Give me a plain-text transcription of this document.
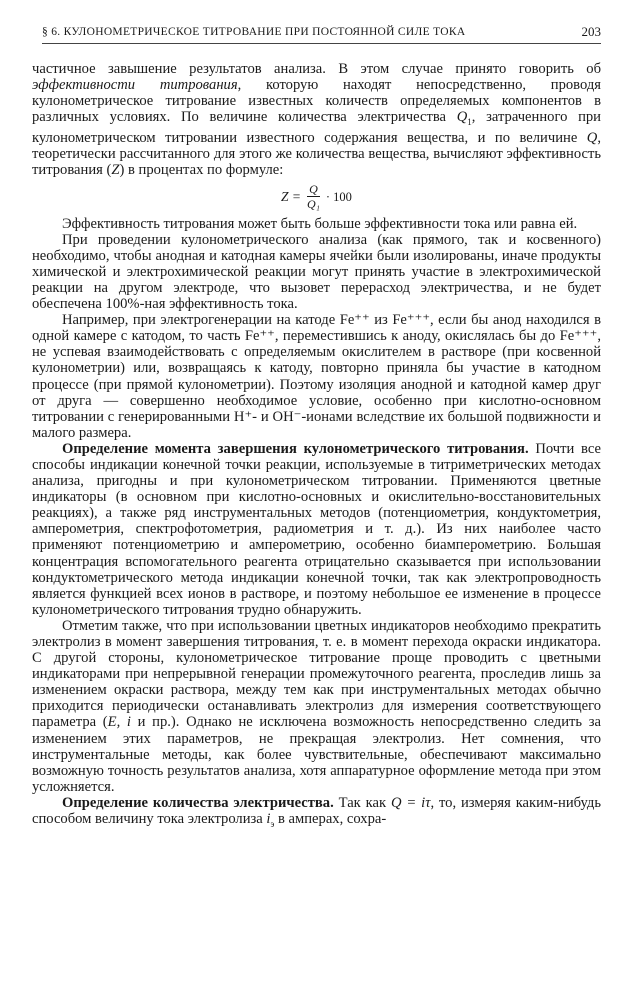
§ 6. КУЛОНОМЕТРИЧЕСКОЕ ТИТРОВАНИЕ ПРИ ПОСТОЯННОЙ СИЛЕ ТОКА	203

частичное завышение результатов анализа. В этом случае принято говорить об эффективности титрования, которую находят непосредственно, проводя кулонометрическое титрование известных количеств определяемых компонентов в различных условиях. По величине количества электричества $Q_1$, затраченного при кулонометрическом титровании известного содержания вещества, и по величине Q, теоретически рассчитанного для этого же количества вещества, вычисляют эффективность титрования (Z) в процентах по формуле:

$Z = \frac{Q}{\text{Q₁}} \cdot 100$

Эффективность титрования может быть больше эффективности тока или равна ей.

При проведении кулонометрического анализа (как прямого, так и косвенного) необходимо, чтобы анодная и катодная камеры ячейки были изолированы, иначе продукты химической и электрохимической реакции могут принять участие в электрохимической реакции на другом электроде, что вызовет перерасход электричества, и не будет обеспечена 100%-ная эффективность тока.

Например, при электрогенерации на катоде Fe⁺⁺ из Fe⁺⁺⁺, если бы анод находился в одной камере с катодом, то часть Fe⁺⁺, переместившись к аноду, окислялась бы до Fe⁺⁺⁺, не успевая взаимодействовать с определяемым окислителем в растворе (при косвенной кулонометрии) или, возвращаясь к катоду, повторно приняла бы участие в катодном процессе (при прямой кулонометрии). Поэтому изоляция анодной и катодной камер друг от друга — совершенно необходимое условие, особенно при кислотно-основном титровании с генерированными H⁺- и OH⁻-ионами вследствие их большой подвижности и малого размера.

Определение момента завершения кулонометрического титрования. Почти все способы индикации конечной точки реакции, используемые в титриметрических методах анализа, пригодны и при кулонометрическом титровании. Применяются цветные индикаторы (в основном при кислотно-основных и окислительно-восстановительных реакциях), а также ряд инструментальных методов (потенциометрия, кондуктометрия, амперометрия, спектрофотометрия, радиометрия и т. д.). Из них наиболее часто применяют потенциометрию и амперометрию, особенно биамперометрию. Большая концентрация вспомогательного реагента отрицательно сказывается при использовании кондуктометрического метода индикации конечной точки, так как электропроводность является функцией всех ионов в растворе, и поэтому небольшое ее изменение в процессе кулонометрического титрования трудно обнаружить.

Отметим также, что при использовании цветных индикаторов необходимо прекратить электролиз в момент завершения титрования, т. е. в момент перехода окраски индикатора. С другой стороны, кулонометрическое титрование проще проводить с цветными индикаторами при непрерывной генерации промежуточного реагента, проследив лишь за изменением окраски раствора, между тем как при инструментальных методах обычно приходится периодически останавливать электролиз для измерения соответствующего параметра (E, i и пр.). Однако не исключена возможность непосредственно следить за изменением этих параметров, не прекращая электролиз. Нет сомнения, что инструментальные методы, как более чувствительные, обеспечивают максимально возможную точность результатов анализа, хотя аппаратурное оформление метода при этом усложняется.

Определение количества электричества. Так как Q = iτ, то, измеряя каким-нибудь способом величину тока электролиза $i_э$ в амперах, сохра-
